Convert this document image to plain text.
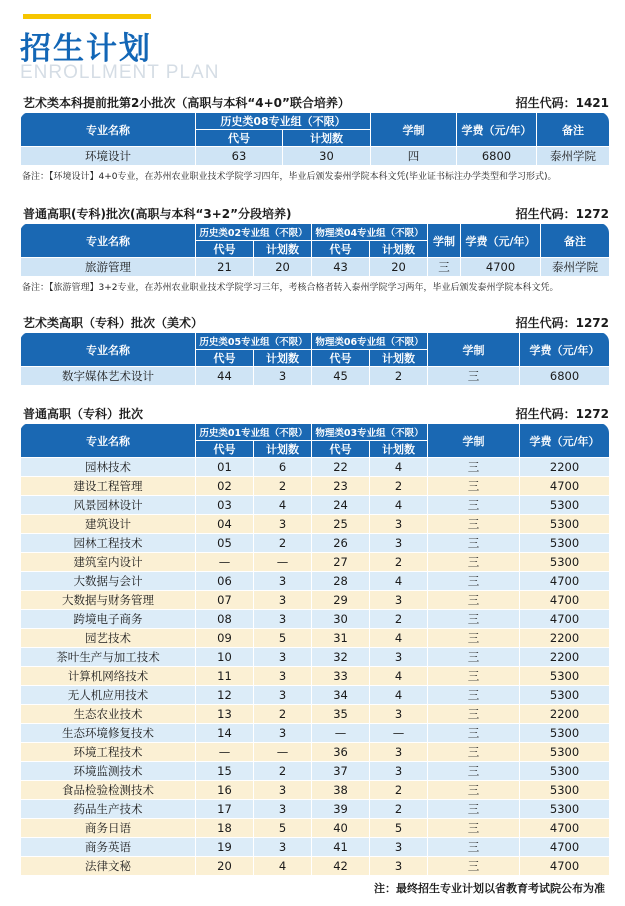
招生计划
ENROLLMENT PLAN
艺术类本科提前批第2小批次（高职与本科“4+0”联合培养）	招生代码：1421
专业名称	历史类08专业组（不限）		学制	学费（元/年）	备注
	代号	计划数			
环境设计	63	30	四	6800	泰州学院
备注：【环境设计】4+0专业，在苏州农业职业技术学院学习四年，毕业后颁发泰州学院本科文凭(毕业证书标注办学类型和学习形式)。
普通高职(专科)批次(高职与本科“3+2”分段培养)	招生代码：1272
专业名称	历史类02专业组（不限）		物理类04专业组（不限）		学制	学费（元/年）	备注
	代号	计划数	代号	计划数			
旅游管理	21	20	43	20	三	4700	泰州学院
备注：【旅游管理】3+2专业，在苏州农业职业技术学院学习三年，考核合格者转入泰州学院学习两年，毕业后颁发泰州学院本科文凭。
艺术类高职（专科）批次（美术）	招生代码：1272
专业名称	历史类05专业组（不限）		物理类06专业组（不限）		学制	学费（元/年）
	代号	计划数	代号	计划数		
数字媒体艺术设计	44	3	45	2	三	6800
普通高职（专科）批次	招生代码：1272
专业名称	历史类01专业组（不限）		物理类03专业组（不限）		学制	学费（元/年）
	代号	计划数	代号	计划数		
园林技术	01	6	22	4	三	2200
建设工程管理	02	2	23	2	三	4700
风景园林设计	03	4	24	4	三	5300
建筑设计	04	3	25	3	三	5300
园林工程技术	05	2	26	3	三	5300
建筑室内设计	—	—	27	2	三	5300
大数据与会计	06	3	28	4	三	4700
大数据与财务管理	07	3	29	3	三	4700
跨境电子商务	08	3	30	2	三	4700
园艺技术	09	5	31	4	三	2200
茶叶生产与加工技术	10	3	32	3	三	2200
计算机网络技术	11	3	33	4	三	5300
无人机应用技术	12	3	34	4	三	5300
生态农业技术	13	2	35	3	三	2200
生态环境修复技术	14	3	—	—	三	5300
环境工程技术	—	—	36	3	三	5300
环境监测技术	15	2	37	3	三	5300
食品检验检测技术	16	3	38	2	三	5300
药品生产技术	17	3	39	2	三	5300
商务日语	18	5	40	5	三	4700
商务英语	19	3	41	3	三	4700
法律文秘	20	4	42	3	三	4700
注：最终招生专业计划以省教育考试院公布为准
